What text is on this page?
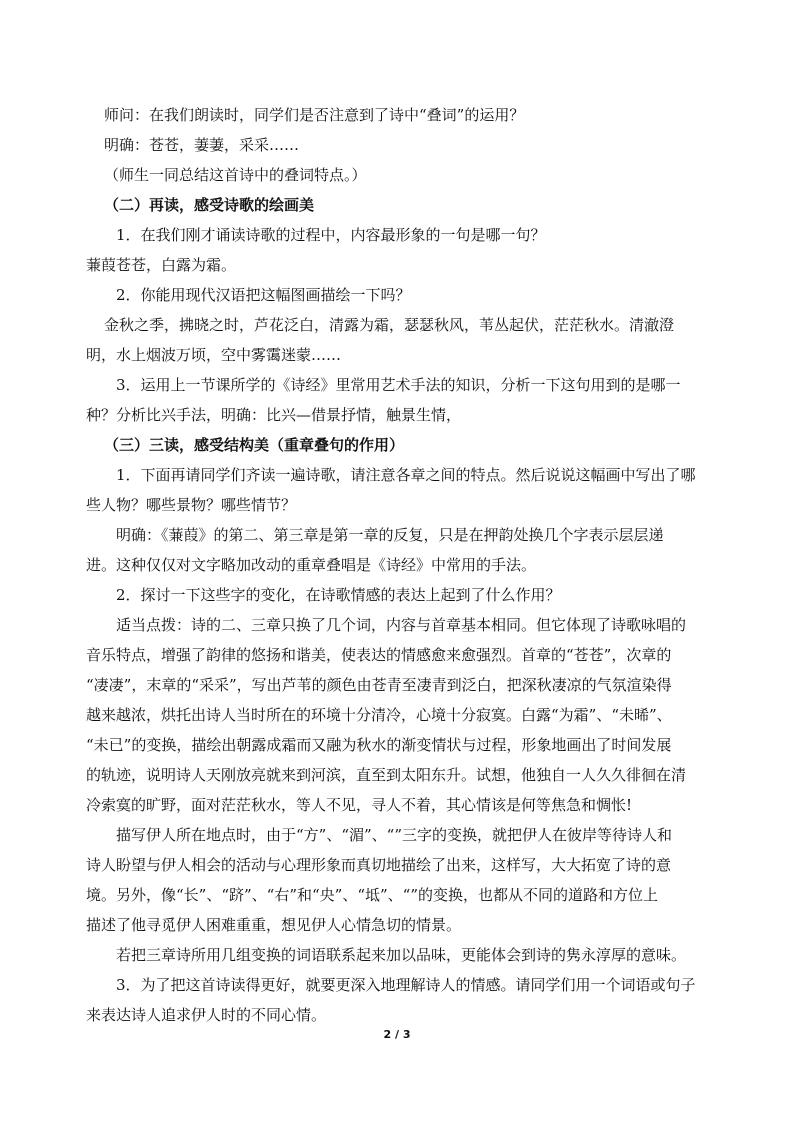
师问：在我们朗读时，同学们是否注意到了诗中“叠词”的运用？
明确：苍苍，萋萋，采采……
（师生一同总结这首诗中的叠词特点。）
（二）再读，感受诗歌的绘画美
1．在我们刚才诵读诗歌的过程中，内容最形象的一句是哪一句？
蒹葭苍苍，白露为霜。
2．你能用现代汉语把这幅图画描绘一下吗？
金秋之季，拂晓之时，芦花泛白，清露为霜，瑟瑟秋风，苇丛起伏，茫茫秋水。清澈澄
明，水上烟波万顷，空中雾霭迷蒙……
3．运用上一节课所学的《诗经》里常用艺术手法的知识，分析一下这句用到的是哪一
种？分析比兴手法，明确：比兴—借景抒情，触景生情，
（三）三读，感受结构美（重章叠句的作用）
1．下面再请同学们齐读一遍诗歌，请注意各章之间的特点。然后说说这幅画中写出了哪
些人物？哪些景物？哪些情节？
明确：《蒹葭》的第二、第三章是第一章的反复，只是在押韵处换几个字表示层层递
进。这种仅仅对文字略加改动的重章叠唱是《诗经》中常用的手法。
2．探讨一下这些字的变化，在诗歌情感的表达上起到了什么作用？
适当点拨：诗的二、三章只换了几个词，内容与首章基本相同。但它体现了诗歌咏唱的
音乐特点，增强了韵律的悠扬和谐美，使表达的情感愈来愈强烈。首章的“苍苍”，次章的
“凄凄”，末章的“采采”，写出芦苇的颜色由苍青至凄青到泛白，把深秋凄凉的气氛渲染得
越来越浓，烘托出诗人当时所在的环境十分清冷，心境十分寂寞。白露“为霜”、“未晞”、
“未已”的变换，描绘出朝露成霜而又融为秋水的渐变情状与过程，形象地画出了时间发展
的轨迹，说明诗人天刚放亮就来到河滨，直至到太阳东升。试想，他独自一人久久徘徊在清
冷索寞的旷野，面对茫茫秋水，等人不见，寻人不着，其心情该是何等焦急和惆怅!
描写伊人所在地点时，由于“方”、“湄”、“”三字的变换，就把伊人在彼岸等待诗人和
诗人盼望与伊人相会的活动与心理形象而真切地描绘了出来，这样写，大大拓宽了诗的意
境。另外，像“长”、“跻”、“右”和“央”、“坻”、“”的变换，也都从不同的道路和方位上
描述了他寻觅伊人困难重重，想见伊人心情急切的情景。
若把三章诗所用几组变换的词语联系起来加以品味，更能体会到诗的隽永淳厚的意味。
3．为了把这首诗读得更好，就要更深入地理解诗人的情感。请同学们用一个词语或句子
来表达诗人追求伊人时的不同心情。
2 / 3
